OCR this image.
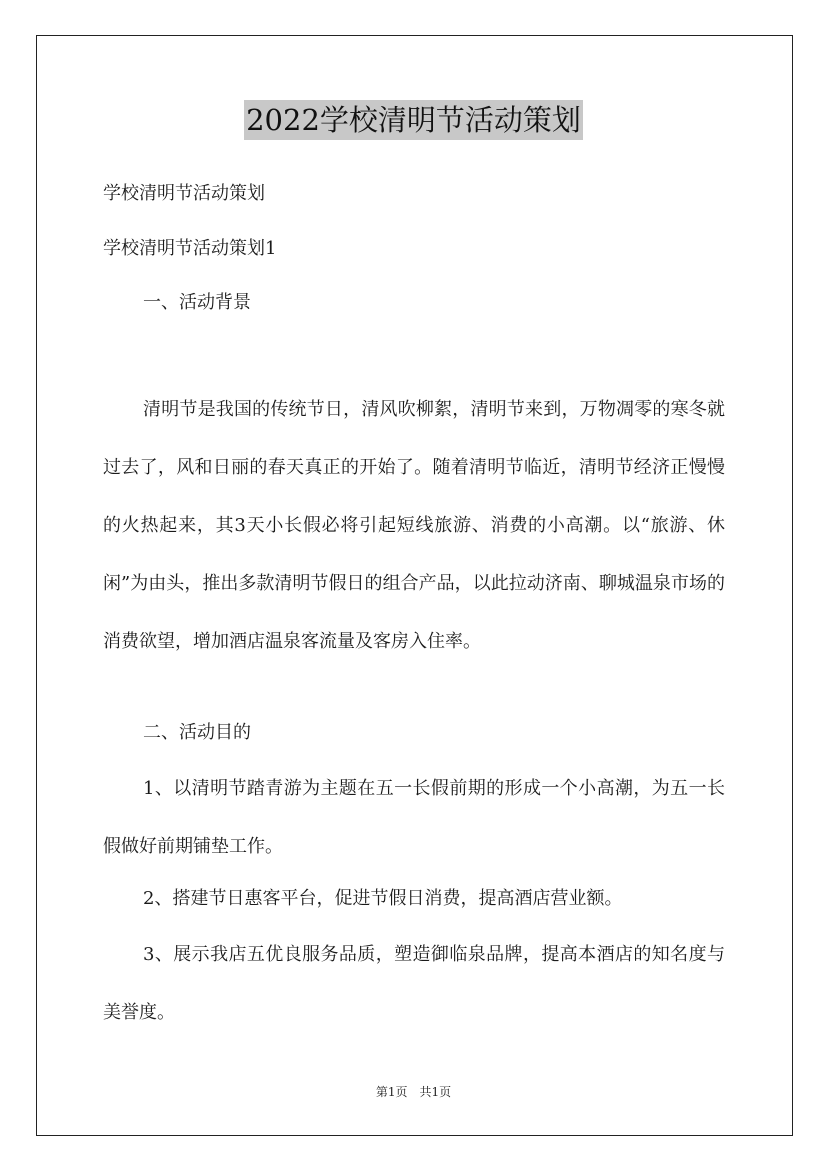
2022学校清明节活动策划
学校清明节活动策划
学校清明节活动策划1
一、活动背景

清明节是我国的传统节日，清风吹柳絮，清明节来到，万物凋零的寒冬就过去了，风和日丽的春天真正的开始了。随着清明节临近，清明节经济正慢慢的火热起来，其3天小长假必将引起短线旅游、消费的小高潮。以“旅游、休闲”为由头，推出多款清明节假日的组合产品，以此拉动济南、聊城温泉市场的消费欲望，增加酒店温泉客流量及客房入住率。

二、活动目的

1、以清明节踏青游为主题在五一长假前期的形成一个小高潮，为五一长假做好前期铺垫工作。

2、搭建节日惠客平台，促进节假日消费，提高酒店营业额。

3、展示我店五优良服务品质，塑造御临泉品牌，提高本酒店的知名度与美誉度。

第1页 共1页
